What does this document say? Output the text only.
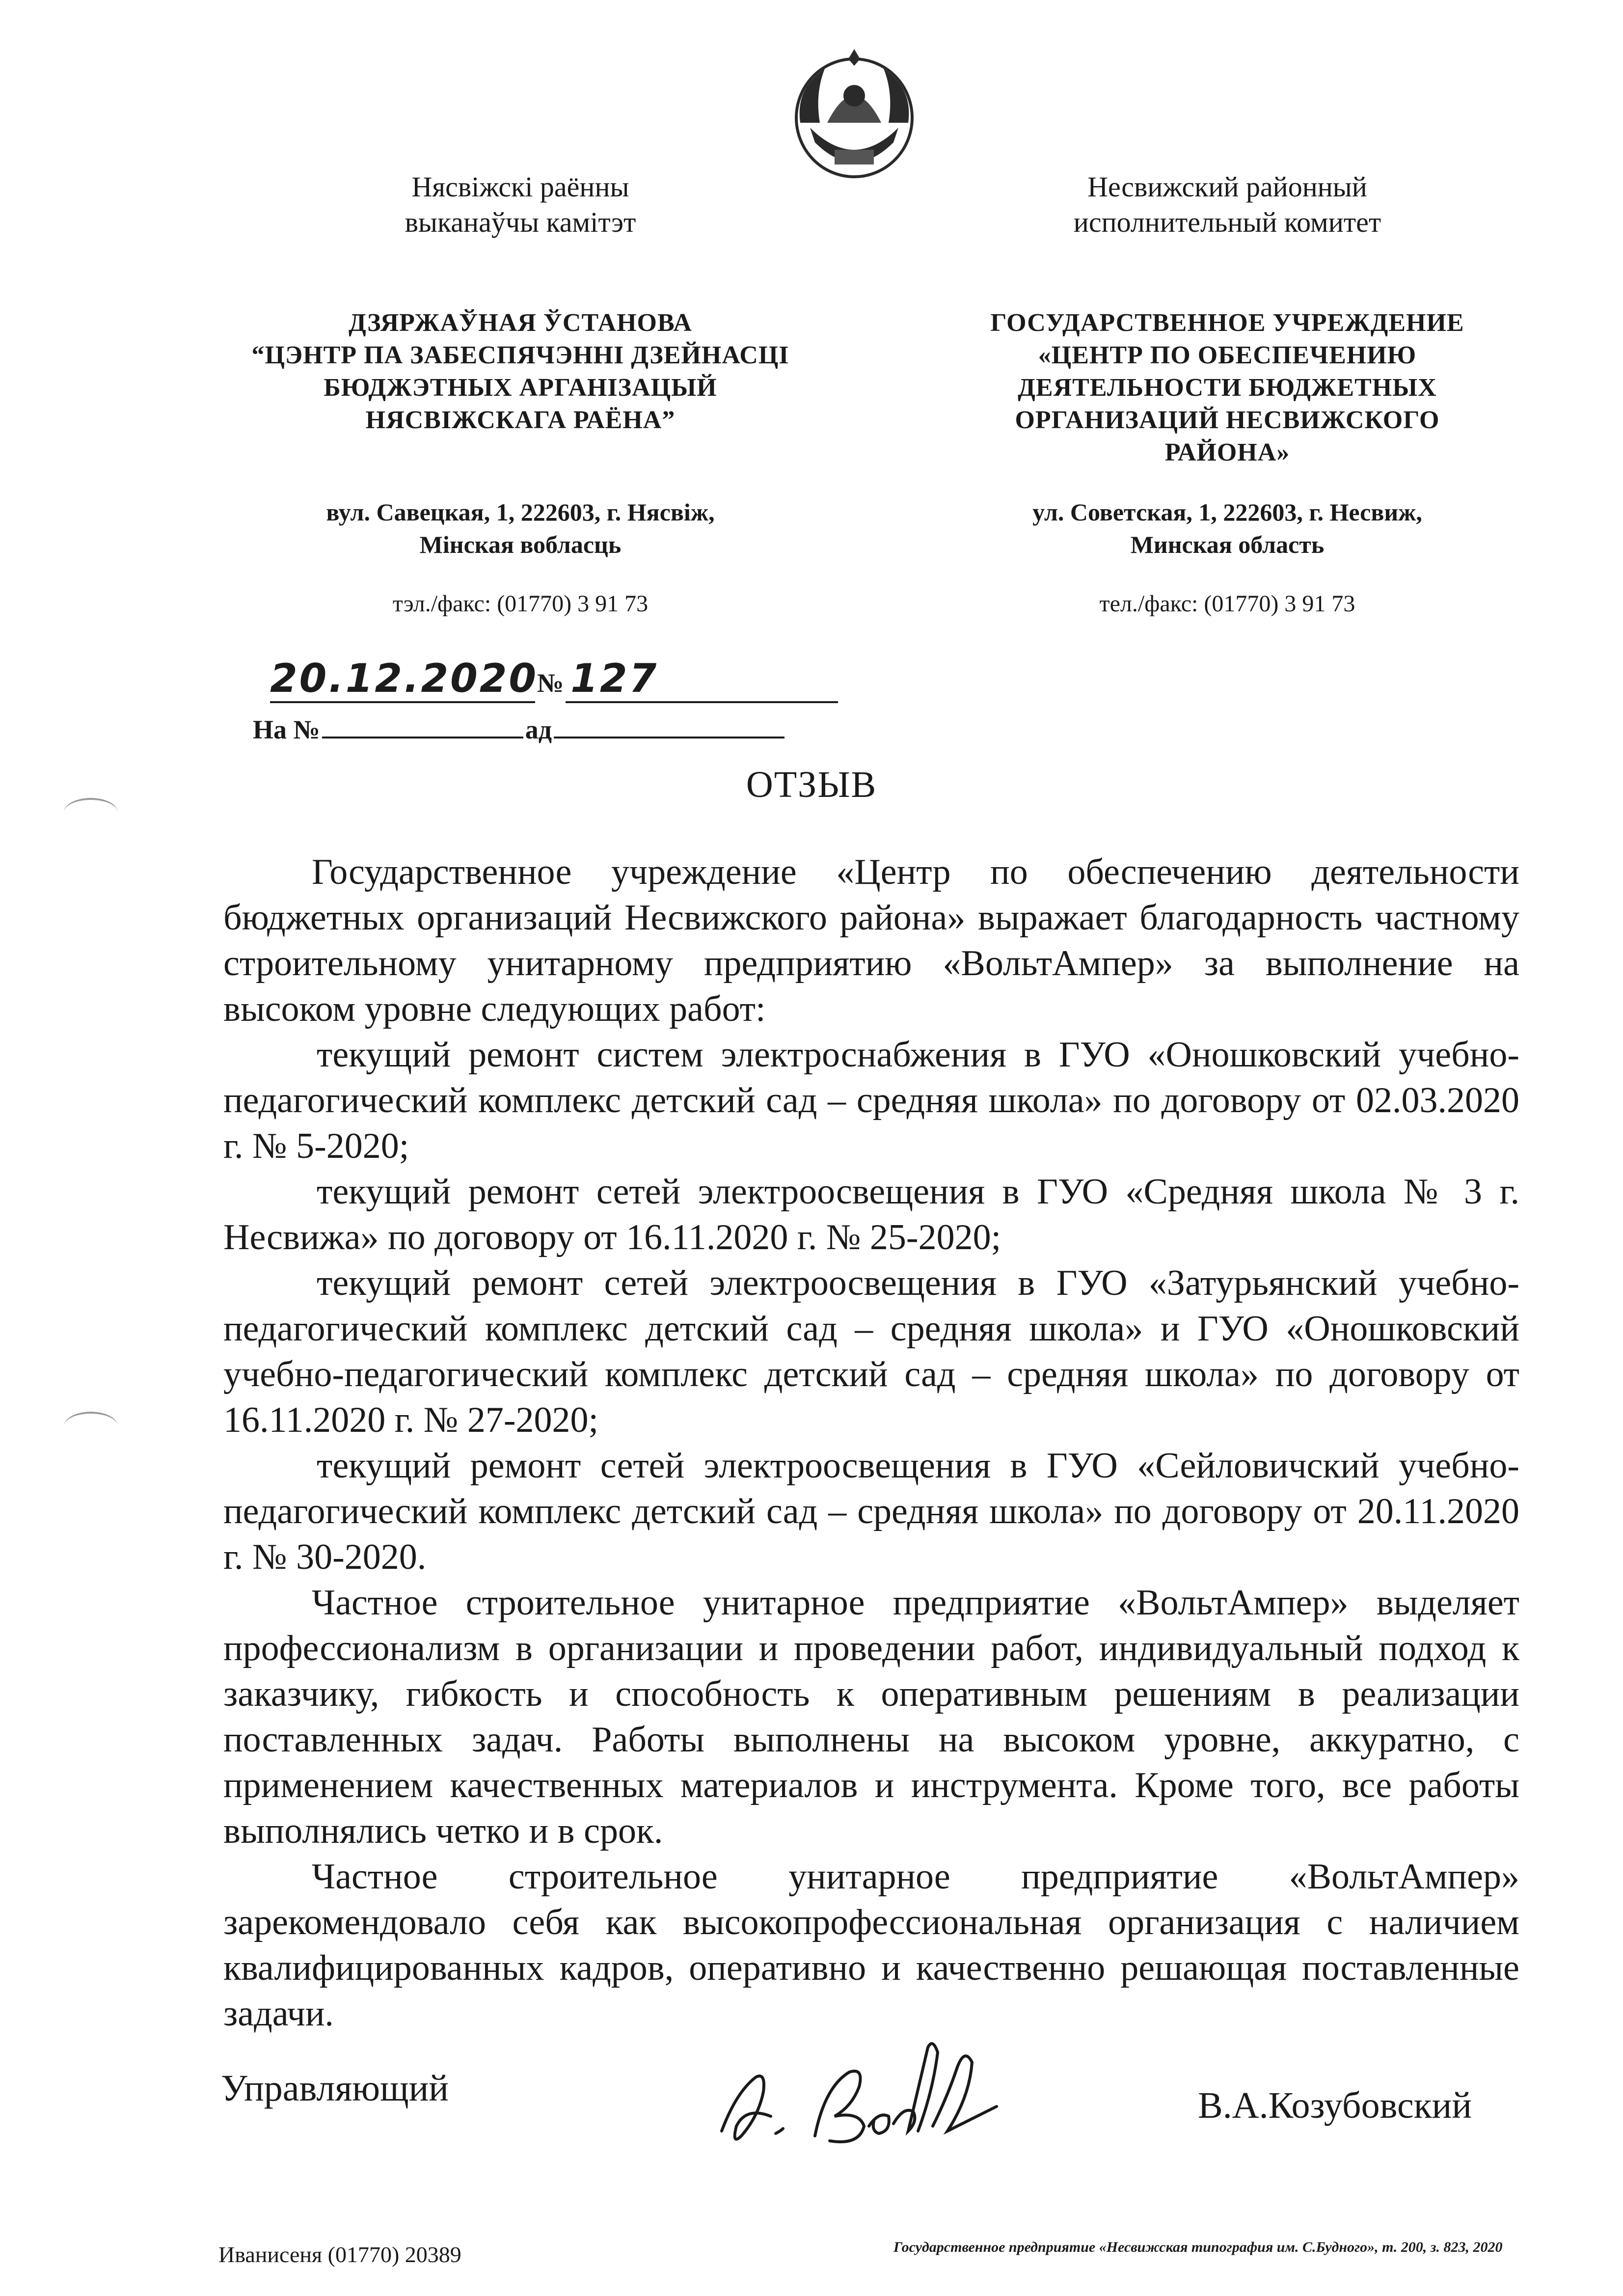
Нясвіжскі раённы
выканаўчы камітэт
ДЗЯРЖАЎНАЯ ЎСТАНОВА
“ЦЭНТР ПА ЗАБЕСПЯЧЭННІ ДЗЕЙНАСЦІ
БЮДЖЭТНЫХ АРГАНІЗАЦЫЙ
НЯСВІЖСКАГА РАЁНА”
вул. Савецкая, 1, 222603, г. Нясвіж,
Мінская вобласць
тэл./факс: (01770) 3 91 73
Несвижский районный
исполнительный комитет
ГОСУДАРСТВЕННОЕ УЧРЕЖДЕНИЕ
«ЦЕНТР ПО ОБЕСПЕЧЕНИЮ
ДЕЯТЕЛЬНОСТИ БЮДЖЕТНЫХ
ОРГАНИЗАЦИЙ НЕСВИЖСКОГО
РАЙОНА»
ул. Советская, 1, 222603, г. Несвиж,
Минская область
тел./факс: (01770) 3 91 73
20.12.2020 № 127
На №	ад
ОТЗЫВ

Государственное учреждение «Центр по обеспечению деятельности бюджетных организаций Несвижского района» выражает благодарность частному строительному унитарному предприятию «ВольтАмпер» за выполнение на высоком уровне следующих работ:

текущий ремонт систем электроснабжения в ГУО «Оношковский учебно-педагогический комплекс детский сад – средняя школа» по договору от 02.03.2020 г. № 5-2020;

текущий ремонт сетей электроосвещения в ГУО «Средняя школа № 3 г. Несвижа» по договору от 16.11.2020 г. № 25-2020;

текущий ремонт сетей электроосвещения в ГУО «Затурьянский учебно-педагогический комплекс детский сад – средняя школа» и ГУО «Оношковский учебно-педагогический комплекс детский сад – средняя школа» по договору от 16.11.2020 г. № 27-2020;

текущий ремонт сетей электроосвещения в ГУО «Сейловичский учебно-педагогический комплекс детский сад – средняя школа» по договору от 20.11.2020 г. № 30-2020.

Частное строительное унитарное предприятие «ВольтАмпер» выделяет профессионализм в организации и проведении работ, индивидуальный подход к заказчику, гибкость и способность к оперативным решениям в реализации поставленных задач. Работы выполнены на высоком уровне, аккуратно, с применением качественных материалов и инструмента. Кроме того, все работы выполнялись четко и в срок.

Частное строительное унитарное предприятие «ВольтАмпер» зарекомендовало себя как высокопрофессиональная организация с наличием квалифицированных кадров, оперативно и качественно решающая поставленные задачи.

Управляющий	В.А.Козубовский
Иванисеня (01770) 20389	Государственное предприятие «Несвижская типография им. С.Будного», т. 200, з. 823, 2020
